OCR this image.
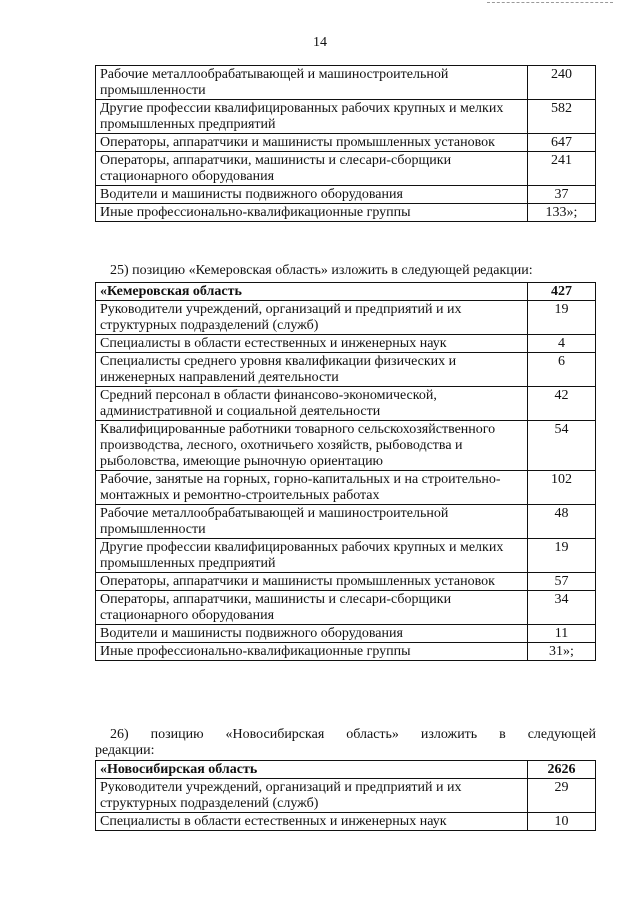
14
Рабочие металлообрабатывающей и машиностроительной промышленности	240
Другие профессии квалифицированных рабочих крупных и мелких промышленных предприятий	582
Операторы, аппаратчики и машинисты промышленных установок	647
Операторы, аппаратчики, машинисты и слесари-сборщики стационарного оборудования	241
Водители и машинисты подвижного оборудования	37
Иные профессионально-квалификационные группы	133»;
25) позицию «Кемеровская область» изложить в следующей редакции:
«Кемеровская область	427
Руководители учреждений, организаций и предприятий и их структурных подразделений (служб)	19
Специалисты в области естественных и инженерных наук	4
Специалисты среднего уровня квалификации физических и инженерных направлений деятельности	6
Средний персонал в области финансово-экономической, административной и социальной деятельности	42
Квалифицированные работники товарного сельскохозяйственного производства, лесного, охотничьего хозяйств, рыбоводства и рыболовства, имеющие рыночную ориентацию	54
Рабочие, занятые на горных, горно-капитальных и на строительно-монтажных и ремонтно-строительных работах	102
Рабочие металлообрабатывающей и машиностроительной промышленности	48
Другие профессии квалифицированных рабочих крупных и мелких промышленных предприятий	19
Операторы, аппаратчики и машинисты промышленных установок	57
Операторы, аппаратчики, машинисты и слесари-сборщики стационарного оборудования	34
Водители и машинисты подвижного оборудования	11
Иные профессионально-квалификационные группы	31»;
26) позицию «Новосибирская область» изложить в следующей
редакции:
«Новосибирская область	2626
Руководители учреждений, организаций и предприятий и их структурных подразделений (служб)	29
Специалисты в области естественных и инженерных наук	10
